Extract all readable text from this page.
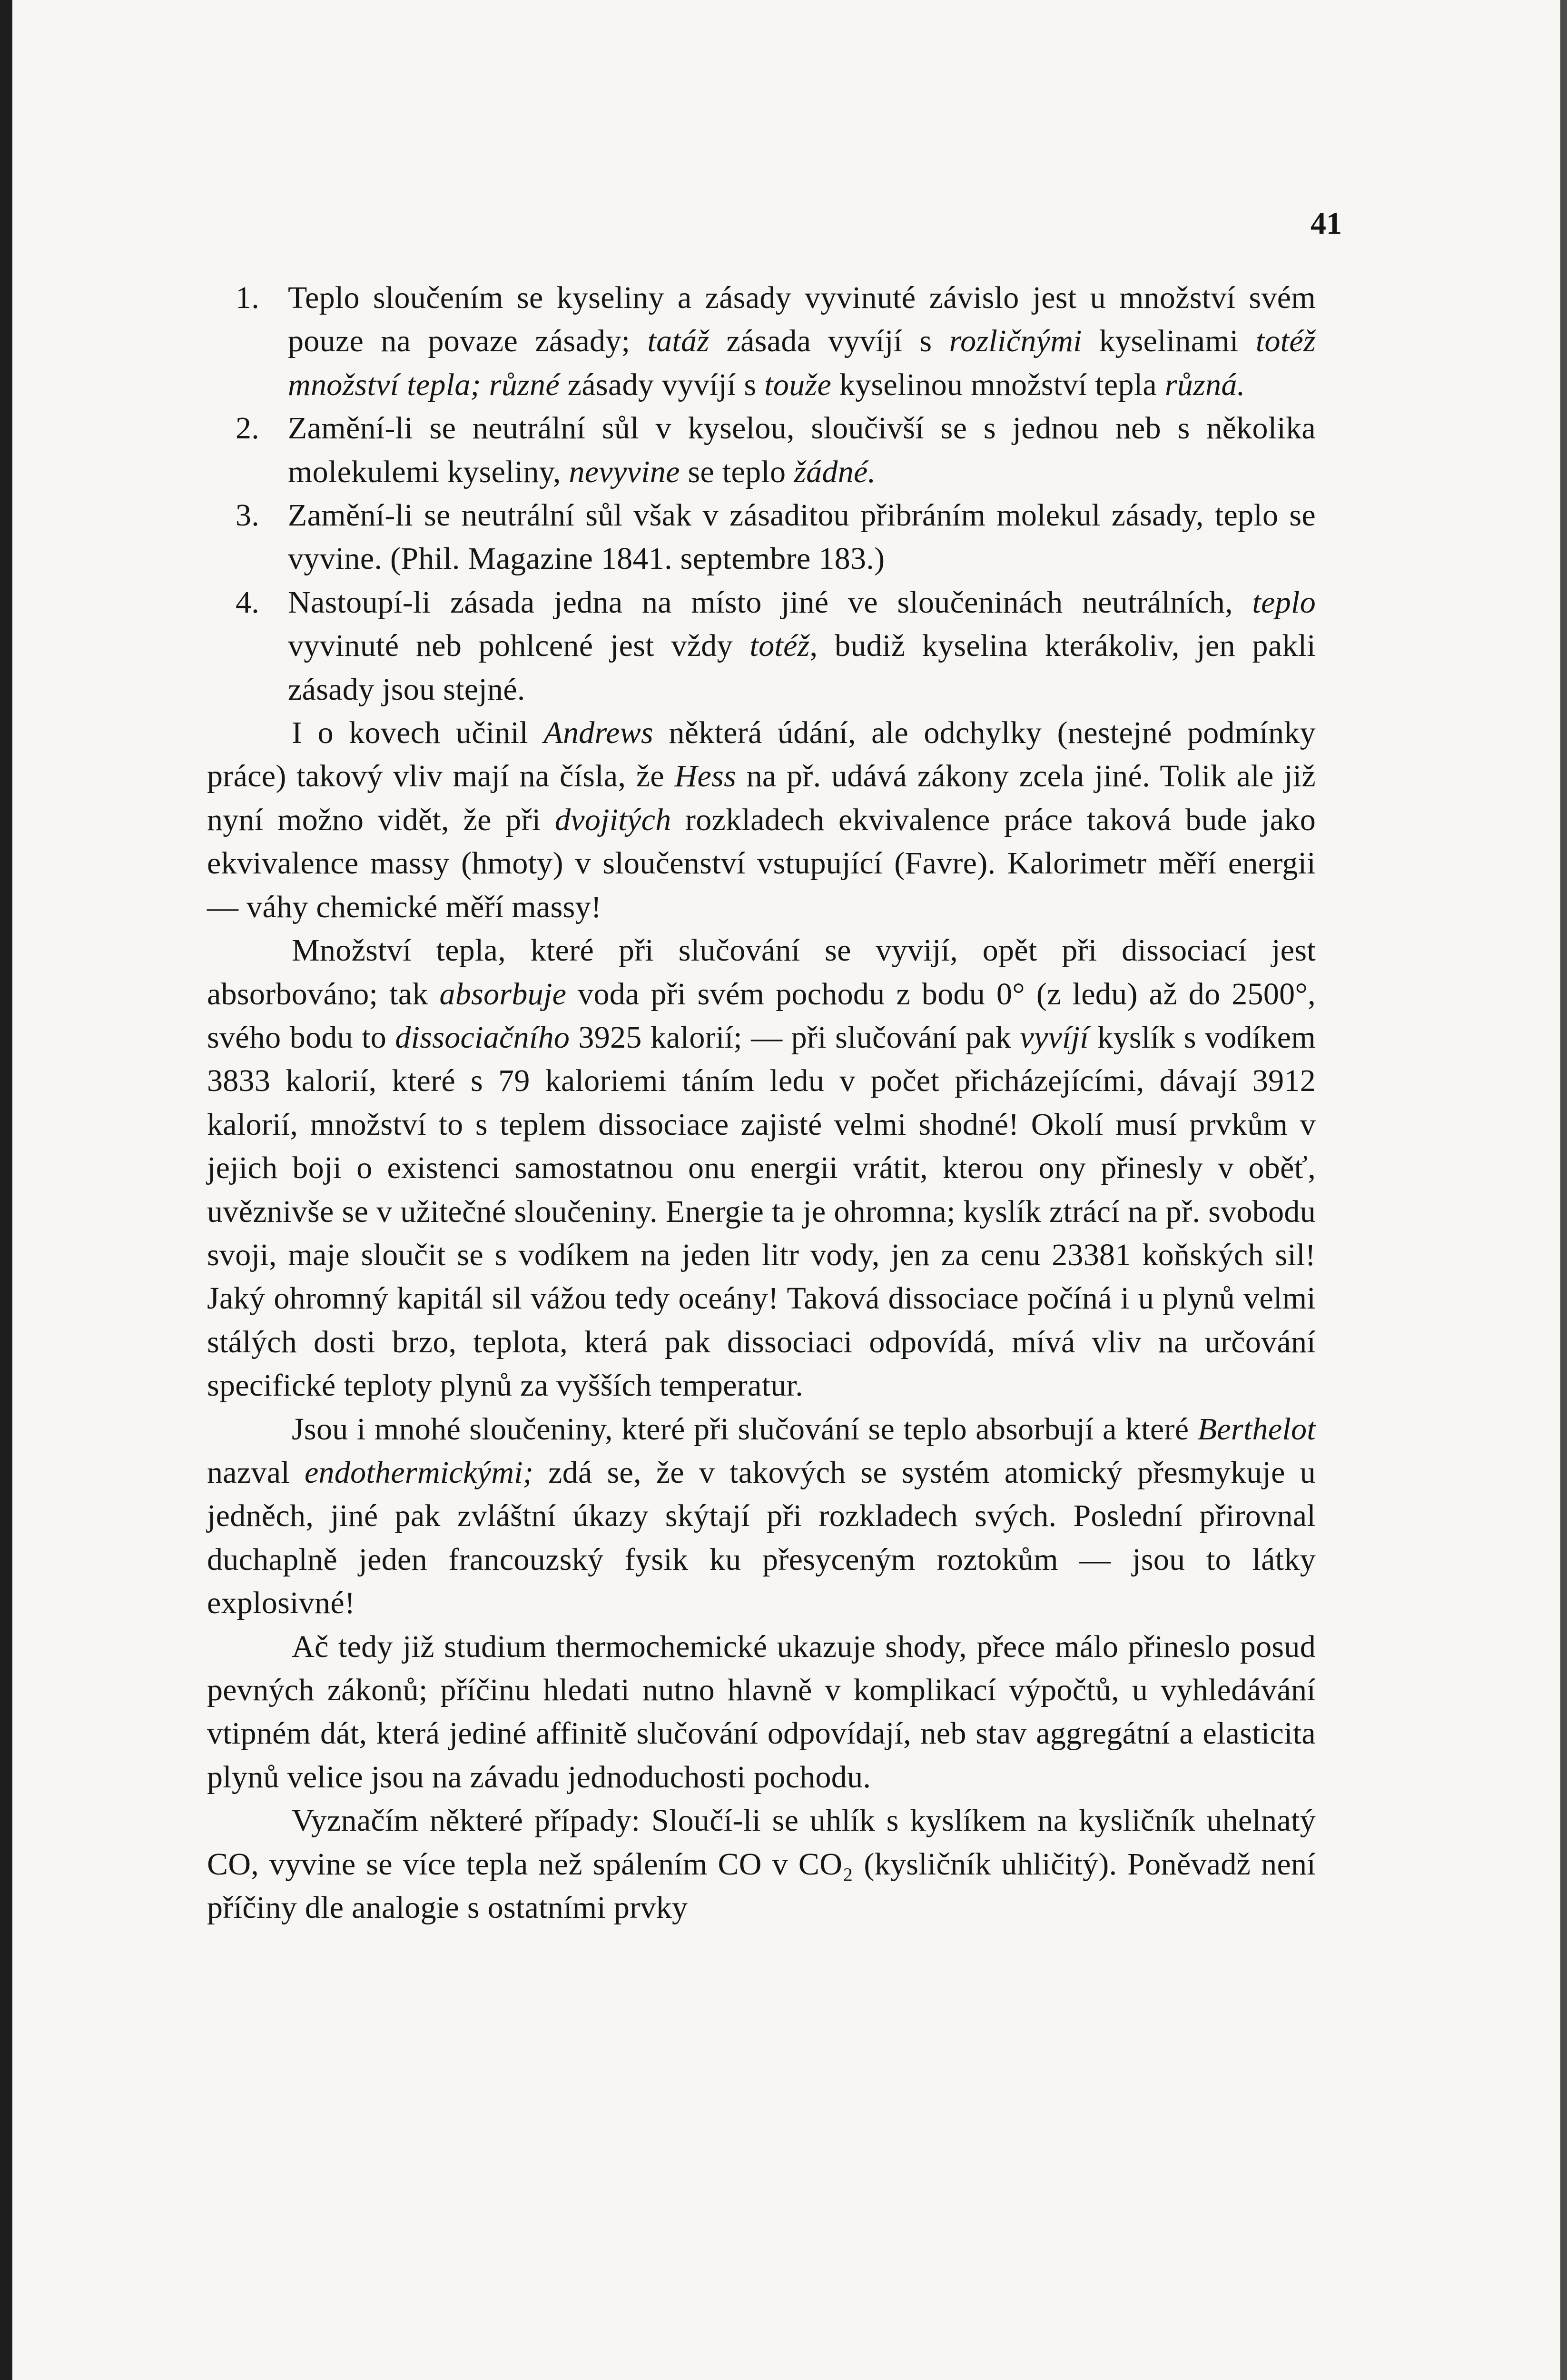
41

1. Teplo sloučením se kyseliny a zásady vyvinuté závislo jest u množství svém pouze na povaze zásady; tatáž zásada vyvíjí s rozličnými kyselinami totéž množství tepla; různé zásady vyvíjí s touže kyselinou množství tepla různá.

2. Zamění-li se neutrální sůl v kyselou, sloučivší se s jednou neb s několika molekulemi kyseliny, nevyvine se teplo žádné.

3. Zamění-li se neutrální sůl však v zásaditou přibráním molekul zásady, teplo se vyvine. (Phil. Magazine 1841. septembre 183.)

4. Nastoupí-li zásada jedna na místo jiné ve sloučeninách neutrálních, teplo vyvinuté neb pohlcené jest vždy totéž, budiž kyselina kterákoliv, jen pakli zásady jsou stejné.

I o kovech učinil Andrews některá údání, ale odchylky (nestejné podmínky práce) takový vliv mají na čísla, že Hess na př. udává zákony zcela jiné. Tolik ale již nyní možno vidět, že při dvojitých rozkladech ekvivalence práce taková bude jako ekvivalence massy (hmoty) v sloučenství vstupující (Favre). Kalorimetr měří energii — váhy chemické měří massy!

Množství tepla, které při slučování se vyvijí, opět při dissociací jest absorbováno; tak absorbuje voda při svém pochodu z bodu 0° (z ledu) až do 2500°, svého bodu to dissociačního 3925 kalorií; — při slučování pak vyvíjí kyslík s vodíkem 3833 kalorií, které s 79 kaloriemi táním ledu v počet přicházejícími, dávají 3912 kalorií, množství to s teplem dissociace zajisté velmi shodné! Okolí musí prvkům v jejich boji o existenci samostatnou onu energii vrátit, kterou ony přinesly v oběť, uvěznivše se v užitečné sloučeniny. Energie ta je ohromna; kyslík ztrácí na př. svobodu svoji, maje sloučit se s vodíkem na jeden litr vody, jen za cenu 23381 koňských sil! Jaký ohromný kapitál sil vážou tedy oceány! Taková dissociace počíná i u plynů velmi stálých dosti brzo, teplota, která pak dissociaci odpovídá, mívá vliv na určování specifické teploty plynů za vyšších temperatur.

Jsou i mnohé sloučeniny, které při slučování se teplo absorbují a které Berthelot nazval endothermickými; zdá se, že v takových se systém atomický přesmykuje u jedněch, jiné pak zvláštní úkazy skýtají při rozkladech svých. Poslední přirovnal duchaplně jeden francouzský fysik ku přesyceným roztokům — jsou to látky explosivné!

Ač tedy již studium thermochemické ukazuje shody, přece málo přineslo posud pevných zákonů; příčinu hledati nutno hlavně v komplikací výpočtů, u vyhledávání vtipném dát, která jediné affinitě slučování odpovídají, neb stav aggregátní a elasticita plynů velice jsou na závadu jednoduchosti pochodu.

Vyznačím některé případy: Sloučí-li se uhlík s kyslíkem na kysličník uhelnatý CO, vyvine se více tepla než spálením CO v CO₂ (kysličník uhličitý). Poněvadž není příčiny dle analogie s ostatními prvky
